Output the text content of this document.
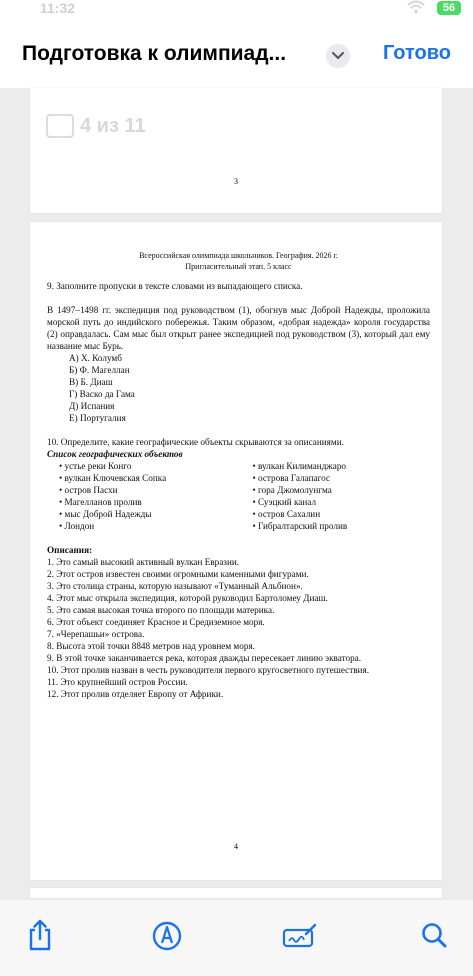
11:32	56
Подготовка к олимпиад...	Готово
4 из 11
3
Всероссийская олимпиада школьников. География. 2026 г.
Пригласительный этап. 5 класс

9. Заполните пропуски в тексте словами из выпадающего списка.

В 1497–1498 гг. экспедиция под руководством (1), обогнув мыс Доброй Надежды, проложила морской путь до индийского побережья. Таким образом, «добрая надежда» короля государства (2) оправдалась. Сам мыс был открыт ранее экспедицией под руководством (3), который дал ему название мыс Бурь.

А) Х. Колумб
Б) Ф. Магеллан
В) Б. Диаш
Г) Васко да Гама
Д) Испания
Е) Португалия

10. Определите, какие географические объекты скрываются за описаниями.

Список географических объектов

• устье реки Конго
• вулкан Ключевская Сопка
• остров Пасхи
• Магелланов пролив
• мыс Доброй Надежды
• Лондон
• вулкан Килиманджаро
• острова Галапагос
• гора Джомолунгма
• Суэцкий канал
• остров Сахалин
• Гибралтарский пролив

Описания:

1. Это самый высокий активный вулкан Евразии.
2. Этот остров известен своими огромными каменными фигурами.
3. Это столица страны, которую называют «Туманный Альбион».
4. Этот мыс открыла экспедиция, которой руководил Бартоломеу Диаш.
5. Это самая высокая точка второго по площади материка.
6. Этот объект соединяет Красное и Средиземное моря.
7. «Черепашьи» острова.
8. Высота этой точки 8848 метров над уровнем моря.
9. В этой точке заканчивается река, которая дважды пересекает линию экватора.
10. Этот пролив назван в честь руководителя первого кругосветного путешествия.
11. Это крупнейший остров России.
12. Этот пролив отделяет Европу от Африки.
4
